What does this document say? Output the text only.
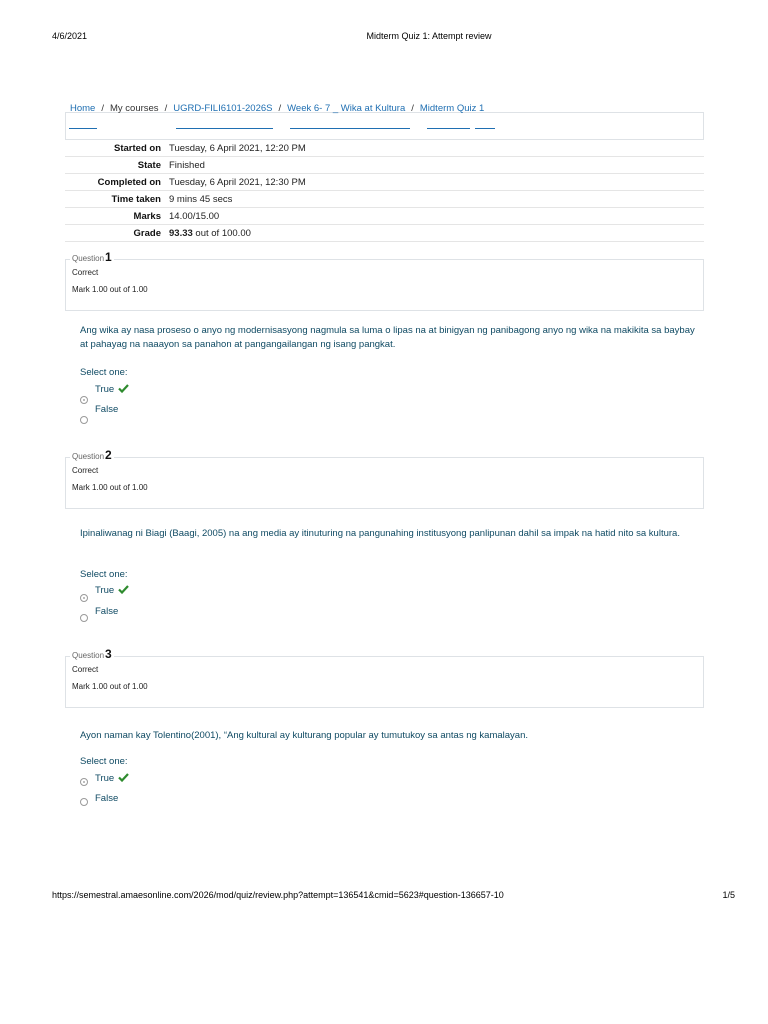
4/6/2021	Midterm Quiz 1: Attempt review
Home / My courses / UGRD-FILI6101-2026S / Week 6- 7 _ Wika at Kultura / Midterm Quiz 1
Started on	Tuesday, 6 April 2021, 12:20 PM
State	Finished
Completed on	Tuesday, 6 April 2021, 12:30 PM
Time taken	9 mins 45 secs
Marks	14.00/15.00
Grade	93.33 out of 100.00
Question1
Correct
Mark 1.00 out of 1.00
Ang wika ay nasa proseso o anyo ng modernisasyong nagmula sa luma o lipas na at binigyan ng panibagong anyo ng wika na makikita sa baybay at pahayag na naaayon sa panahon at pangangailangan ng isang pangkat.
Select one:
True
False
Question2
Correct
Mark 1.00 out of 1.00
Ipinaliwanag ni Biagi (Baagi, 2005) na ang media ay itinuturing na pangunahing institusyong panlipunan dahil sa impak na hatid nito sa kultura.
Select one:
True
False
Question3
Correct
Mark 1.00 out of 1.00
Ayon naman kay Tolentino(2001), “Ang kultural ay kulturang popular ay tumutukoy sa antas ng kamalayan.
Select one:
True
False
https://semestral.amaesonline.com/2026/mod/quiz/review.php?attempt=136541&cmid=5623#question-136657-10	1/5
